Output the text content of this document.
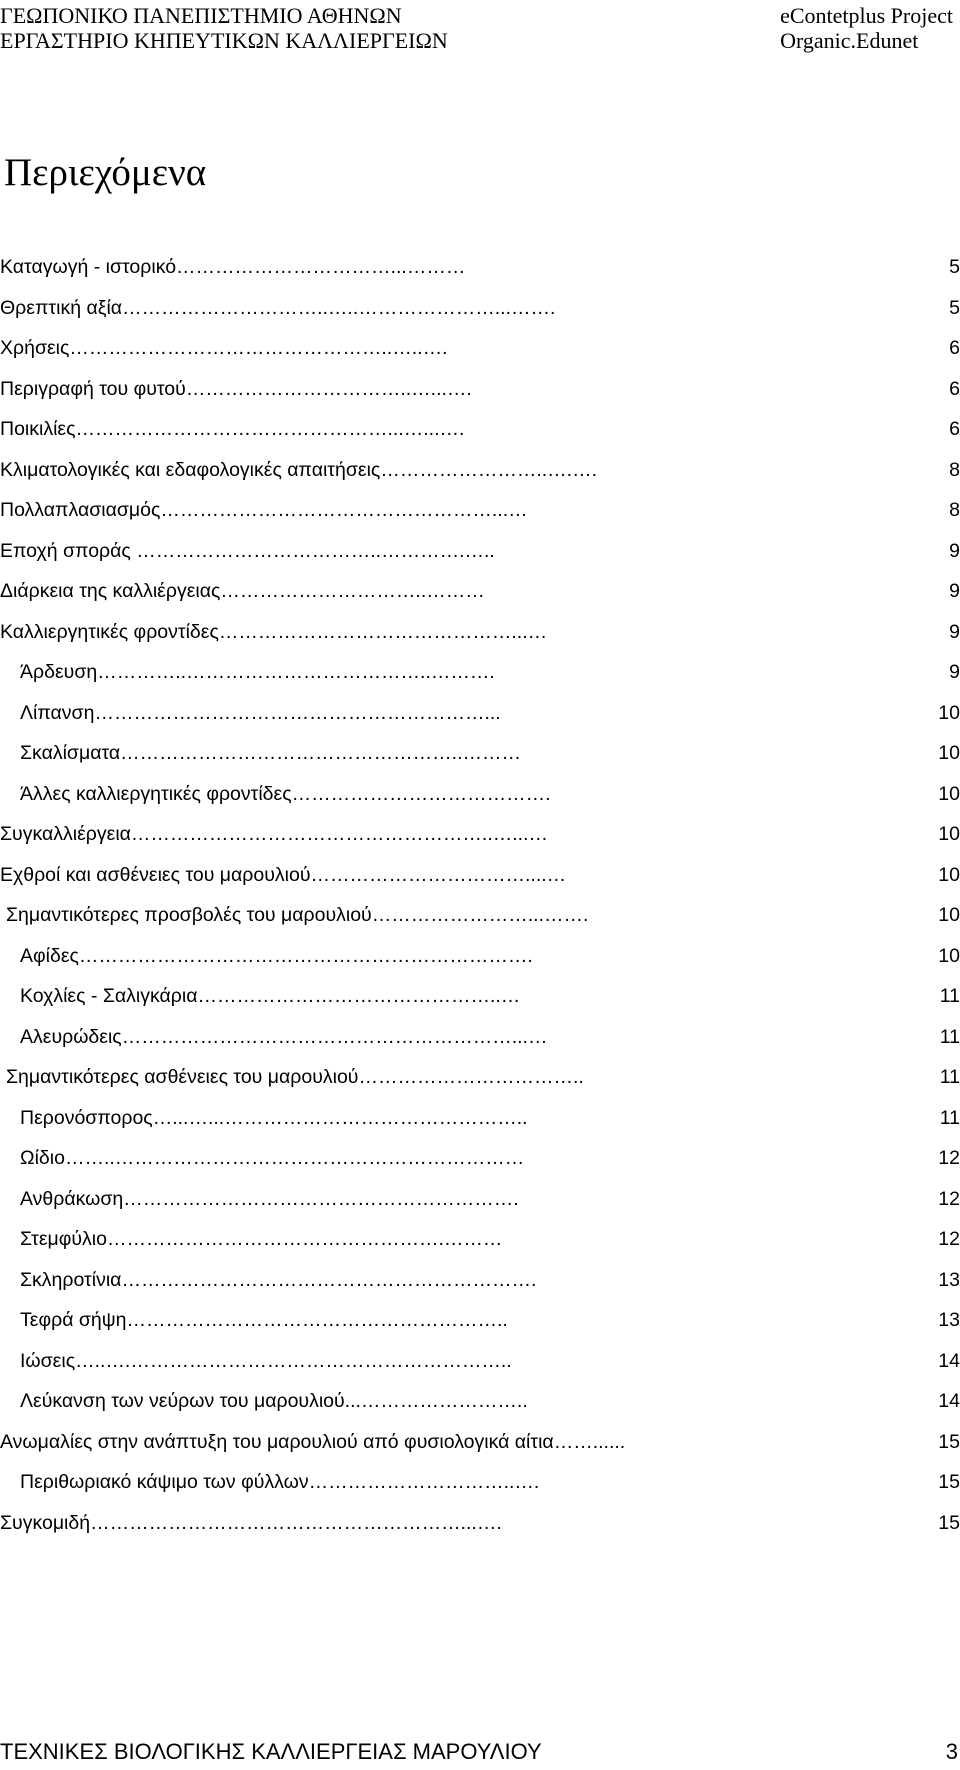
ΓΕΩΠΟΝΙΚΟ ΠΑΝΕΠΙΣΤΗΜΙΟ ΑΘΗΝΩΝ
ΕΡΓΑΣΤΗΡΙΟ ΚΗΠΕΥΤΙΚΩΝ ΚΑΛΛΙΕΡΓΕΙΩΝ
eContetplus Project
Organic.Edunet
Περιεχόμενα
Καταγωγή - ιστορικό……………………………...………	5
Θρεπτική αξία…………………………..…..…………………...…….	5
Χρήσεις…………………………………………..…..….	6
Περιγραφή του φυτού……………………………..…...….	6
Ποικιλίες…………………………………………...…...….	6
Κλιματολογικές και εδαφολογικές απαιτήσεις……………………..….….	8
Πολλαπλασιασμός……………………………………………...…	8
Εποχή σποράς ………………………………..………….…..	9
Διάρκεια της καλλιέργειας…………………………..………	9
Καλλιεργητικές φροντίδες………………………………………...…	9
Άρδευση…………..………………………………..……….	9
Λίπανση……………………………………………………...	10
Σκαλίσματα……………………………………………..………	10
Άλλες καλλιεργητικές φροντίδες………………………………….	10
Συγκαλλιέργεια………………………………………………..…...…	10
Εχθροί και ασθένειες του μαρουλιού……………………………....…	10
Σημαντικότερες προσβολές του μαρουλιού……………………...…….	10
Αφίδες…………………………………………………………….	10
Κοχλίες - Σαλιγκάρια………………………………………..…	11
Αλευρώδεις……………………………………………………...…	11
Σημαντικότερες ασθένειες του μαρουλιού……………………………..	11
Περονόσπορος…...…...………………………………………..	11
Ωίδιο……..………………………………………………………	12
Ανθράκωση…………………………………………………….	12
Στεμφύλιο…………………………………………….………	12
Σκληροτίνια……………………………………………………….	13
Τεφρά σήψη…………………………………………………..	13
Ιώσεις…..….…………………………………………………..	14
Λεύκανση των νεύρων του μαρουλιού...……………………..	14
Ανωμαλίες στην ανάπτυξη του μαρουλιού από φυσιολογικά αίτια……......	15
Περιθωριακό κάψιμο των φύλλων…………………………..….	15
Συγκομιδή…………………………………………………...….	15
ΤΕΧΝΙΚΕΣ ΒΙΟΛΟΓΙΚΗΣ ΚΑΛΛΙΕΡΓΕΙΑΣ ΜΑΡΟΥΛΙΟΥ	3
